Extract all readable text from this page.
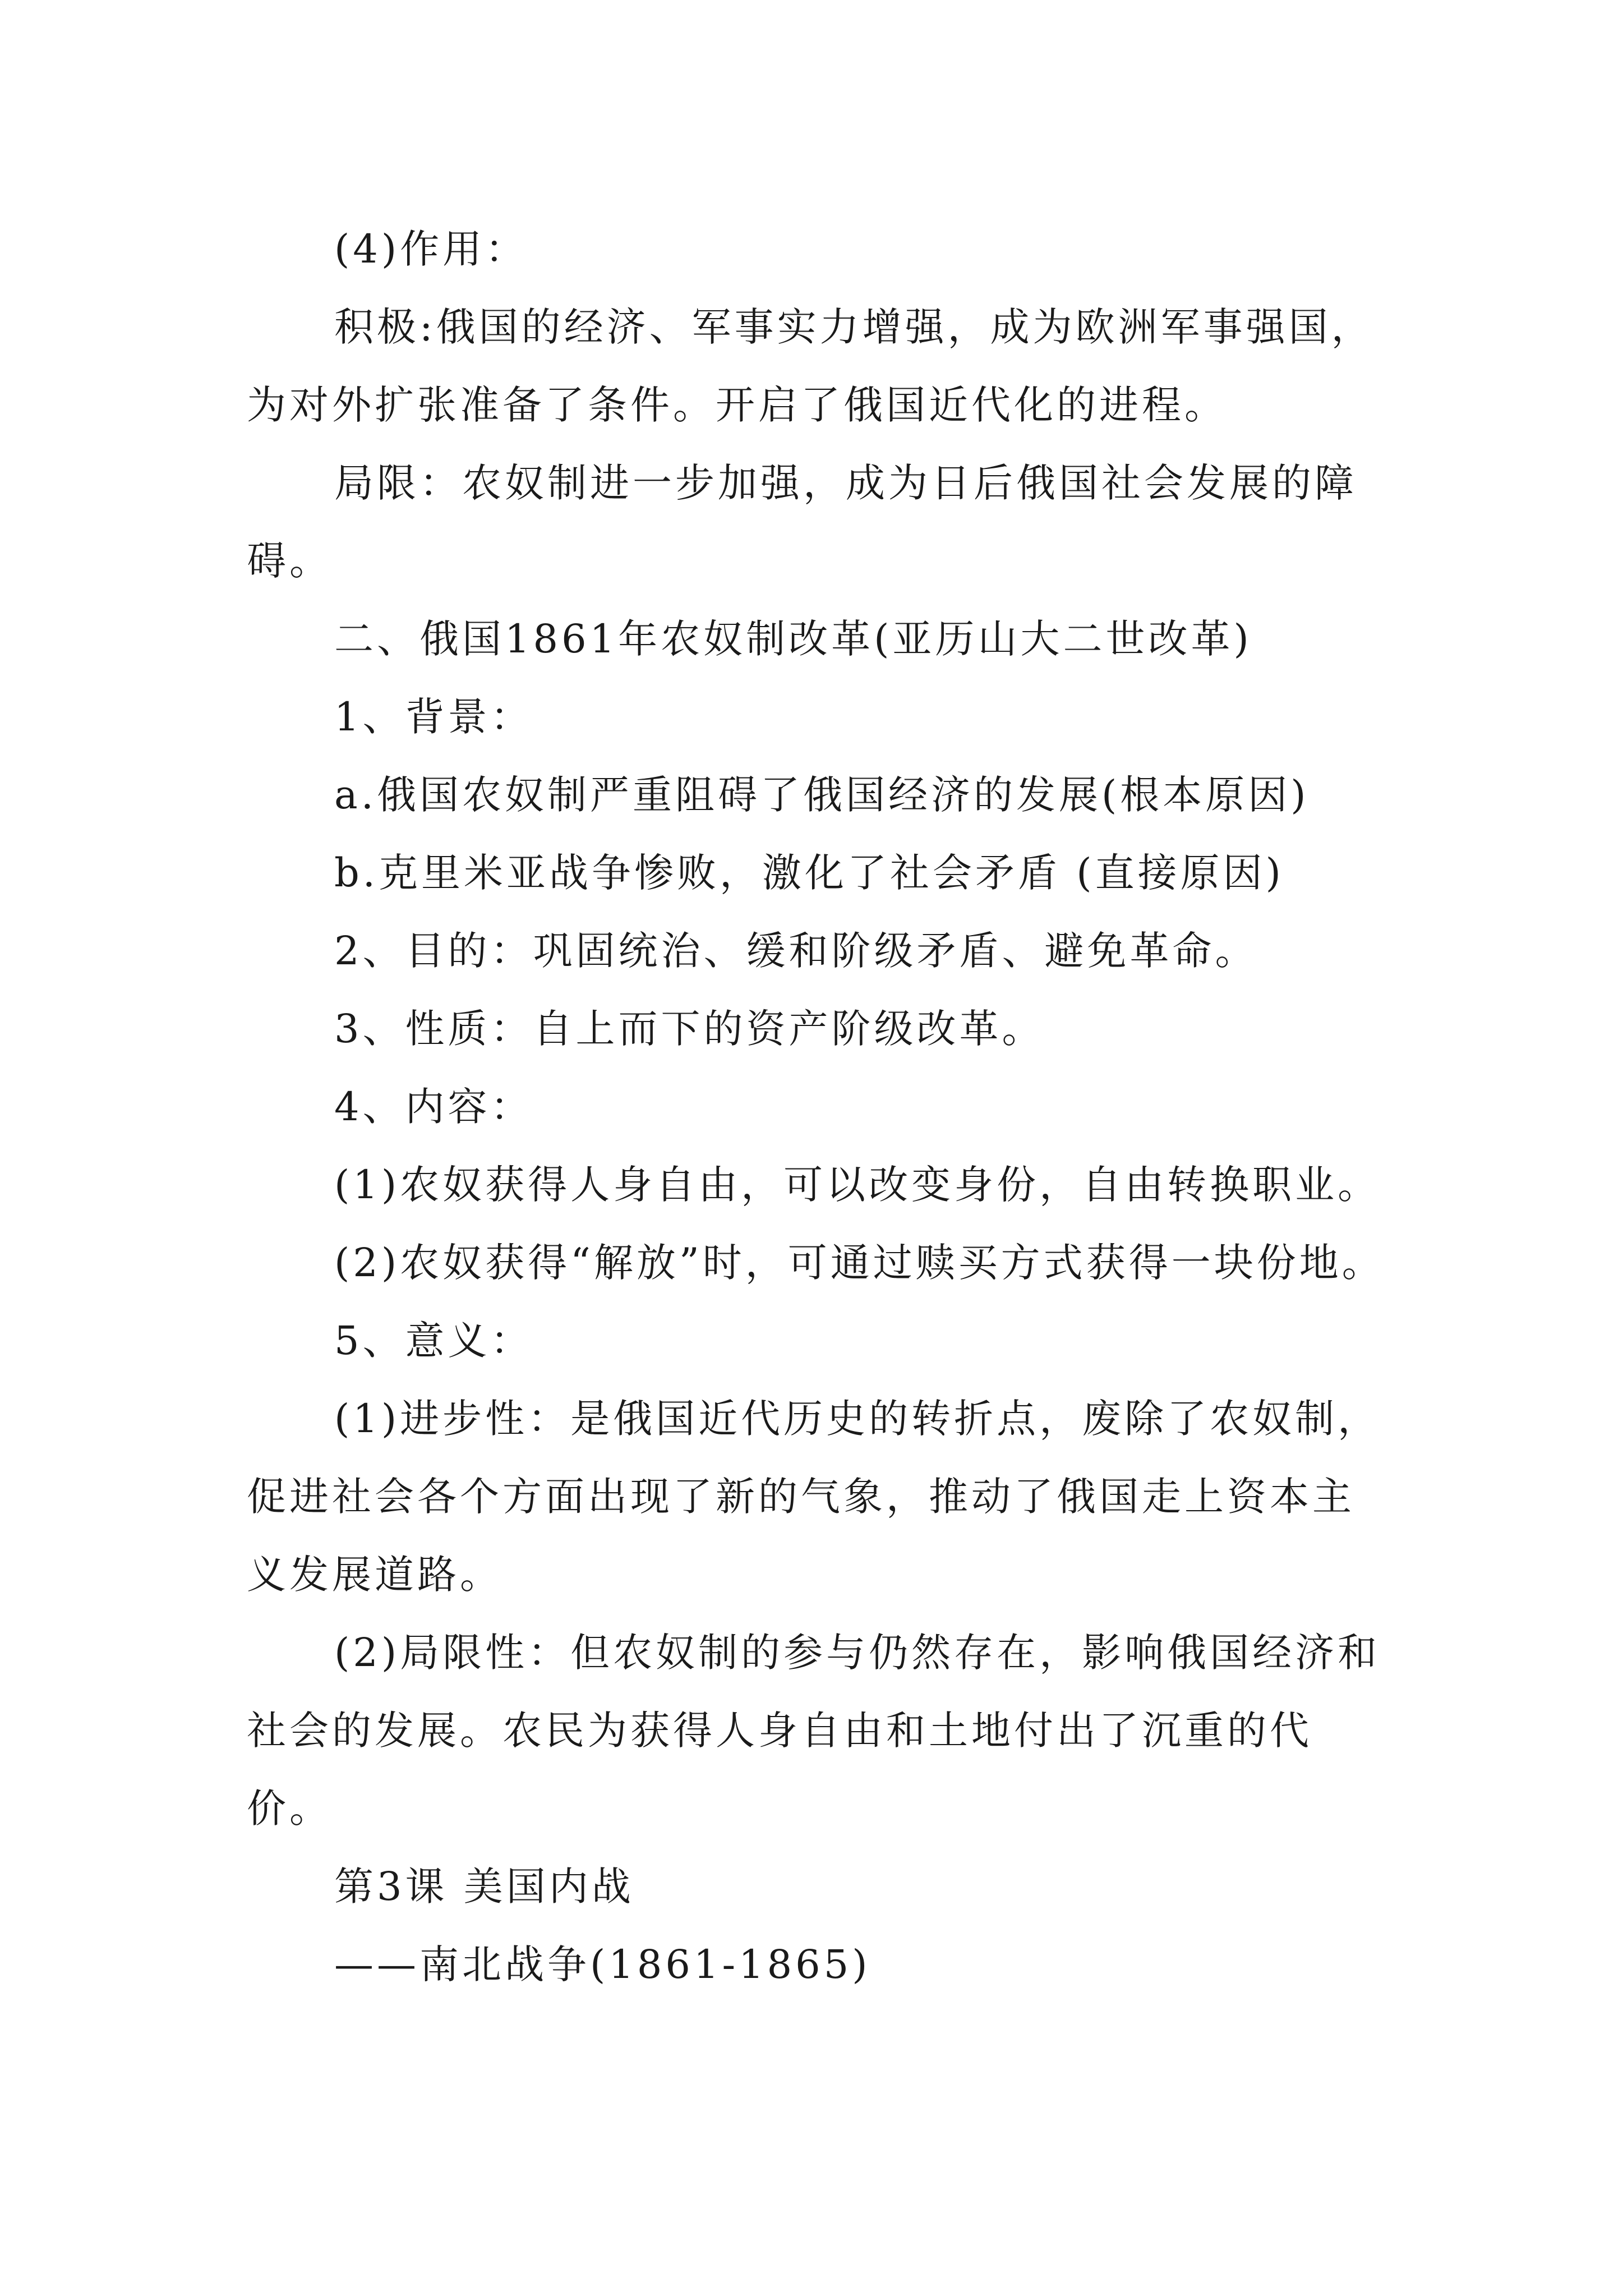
(4)作用：

积极:俄国的经济、军事实力增强，成为欧洲军事强国，为对外扩张准备了条件。开启了俄国近代化的进程。

局限：农奴制进一步加强，成为日后俄国社会发展的障碍。

二、俄国1861年农奴制改革(亚历山大二世改革)

1、背景：

a.俄国农奴制严重阻碍了俄国经济的发展(根本原因)

b.克里米亚战争惨败，激化了社会矛盾 (直接原因)

2、目的：巩固统治、缓和阶级矛盾、避免革命。

3、性质：自上而下的资产阶级改革。

4、内容：

(1)农奴获得人身自由，可以改变身份，自由转换职业。

(2)农奴获得“解放”时，可通过赎买方式获得一块份地。

5、意义：

(1)进步性：是俄国近代历史的转折点，废除了农奴制，促进社会各个方面出现了新的气象，推动了俄国走上资本主义发展道路。

(2)局限性：但农奴制的参与仍然存在，影响俄国经济和社会的发展。农民为获得人身自由和土地付出了沉重的代价。

第3课 美国内战

——南北战争(1861-1865)
